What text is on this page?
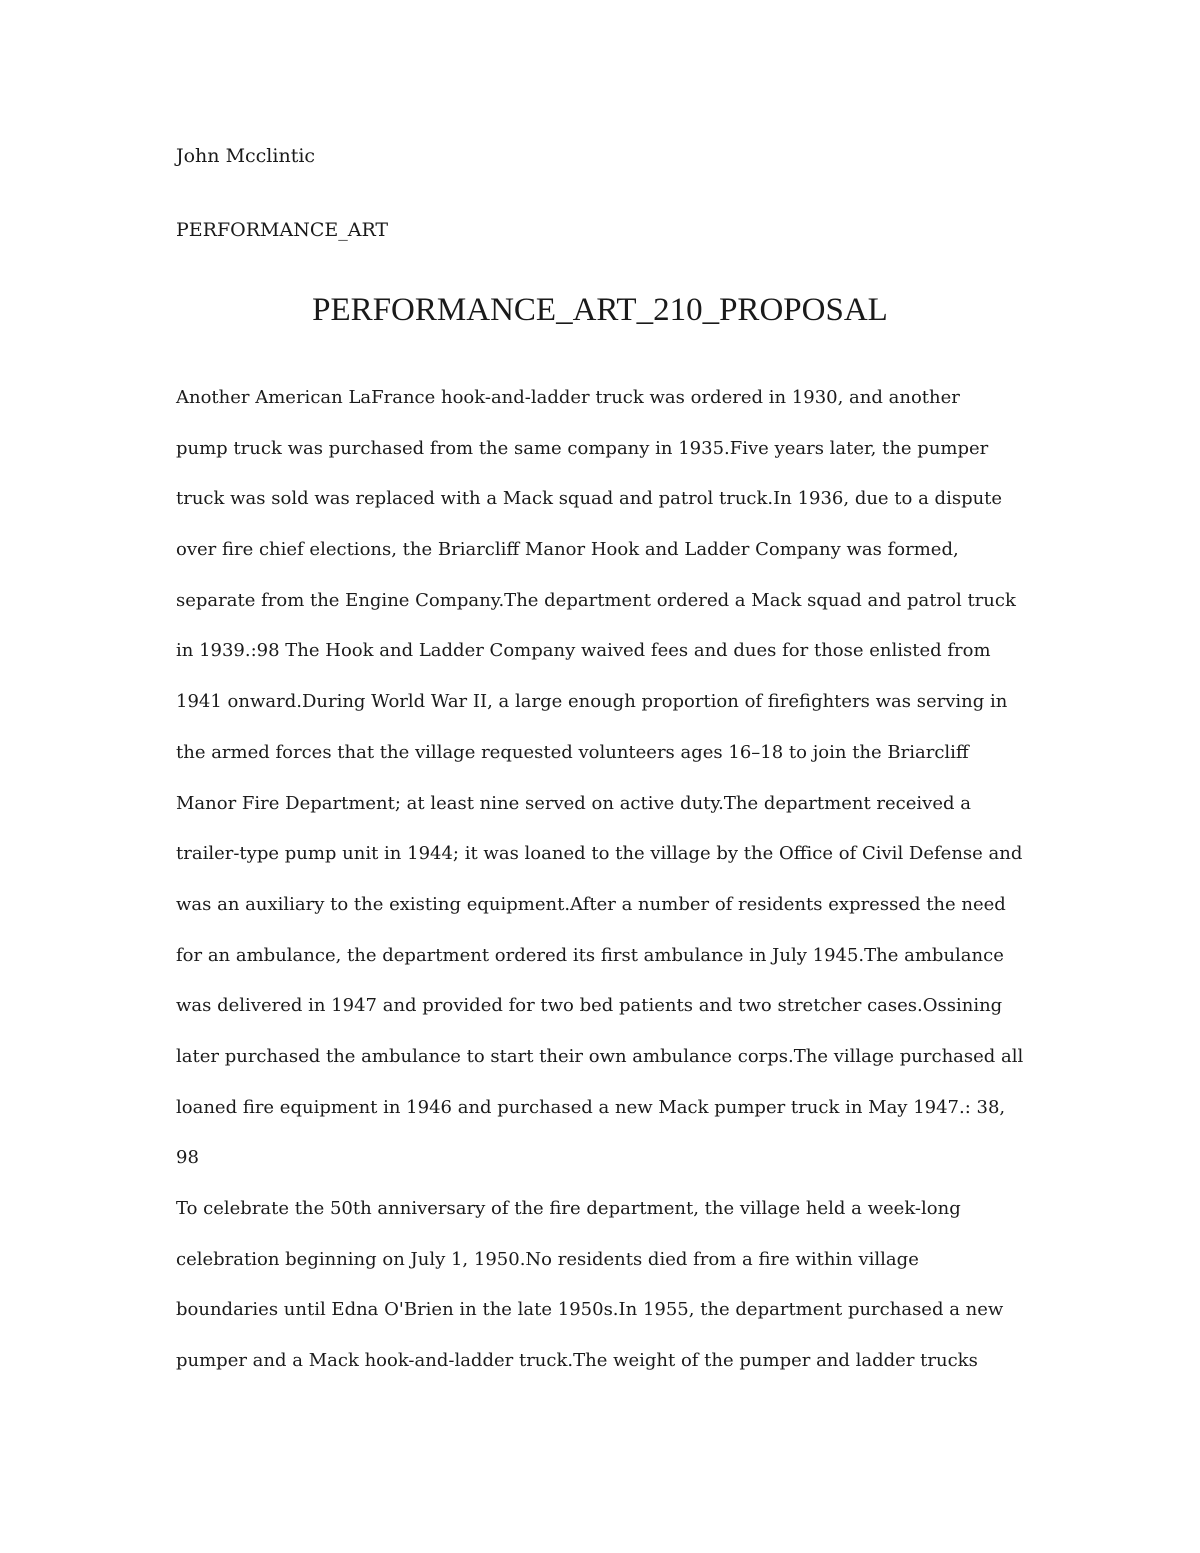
John Mcclintic
PERFORMANCE_ART
PERFORMANCE_ART_210_PROPOSAL
Another American LaFrance hook-and-ladder truck was ordered in 1930, and another
pump truck was purchased from the same company in 1935.Five years later, the pumper
truck was sold was replaced with a Mack squad and patrol truck.In 1936, due to a dispute
over fire chief elections, the Briarcliff Manor Hook and Ladder Company was formed,
separate from the Engine Company.The department ordered a Mack squad and patrol truck
in 1939.:98 The Hook and Ladder Company waived fees and dues for those enlisted from
1941 onward.During World War II, a large enough proportion of firefighters was serving in
the armed forces that the village requested volunteers ages 16–18 to join the Briarcliff
Manor Fire Department; at least nine served on active duty.The department received a
trailer-type pump unit in 1944; it was loaned to the village by the Office of Civil Defense and
was an auxiliary to the existing equipment.After a number of residents expressed the need
for an ambulance, the department ordered its first ambulance in July 1945.The ambulance
was delivered in 1947 and provided for two bed patients and two stretcher cases.Ossining
later purchased the ambulance to start their own ambulance corps.The village purchased all
loaned fire equipment in 1946 and purchased a new Mack pumper truck in May 1947.: 38,
98
To celebrate the 50th anniversary of the fire department, the village held a week-long
celebration beginning on July 1, 1950.No residents died from a fire within village
boundaries until Edna O'Brien in the late 1950s.In 1955, the department purchased a new
pumper and a Mack hook-and-ladder truck.The weight of the pumper and ladder trucks
